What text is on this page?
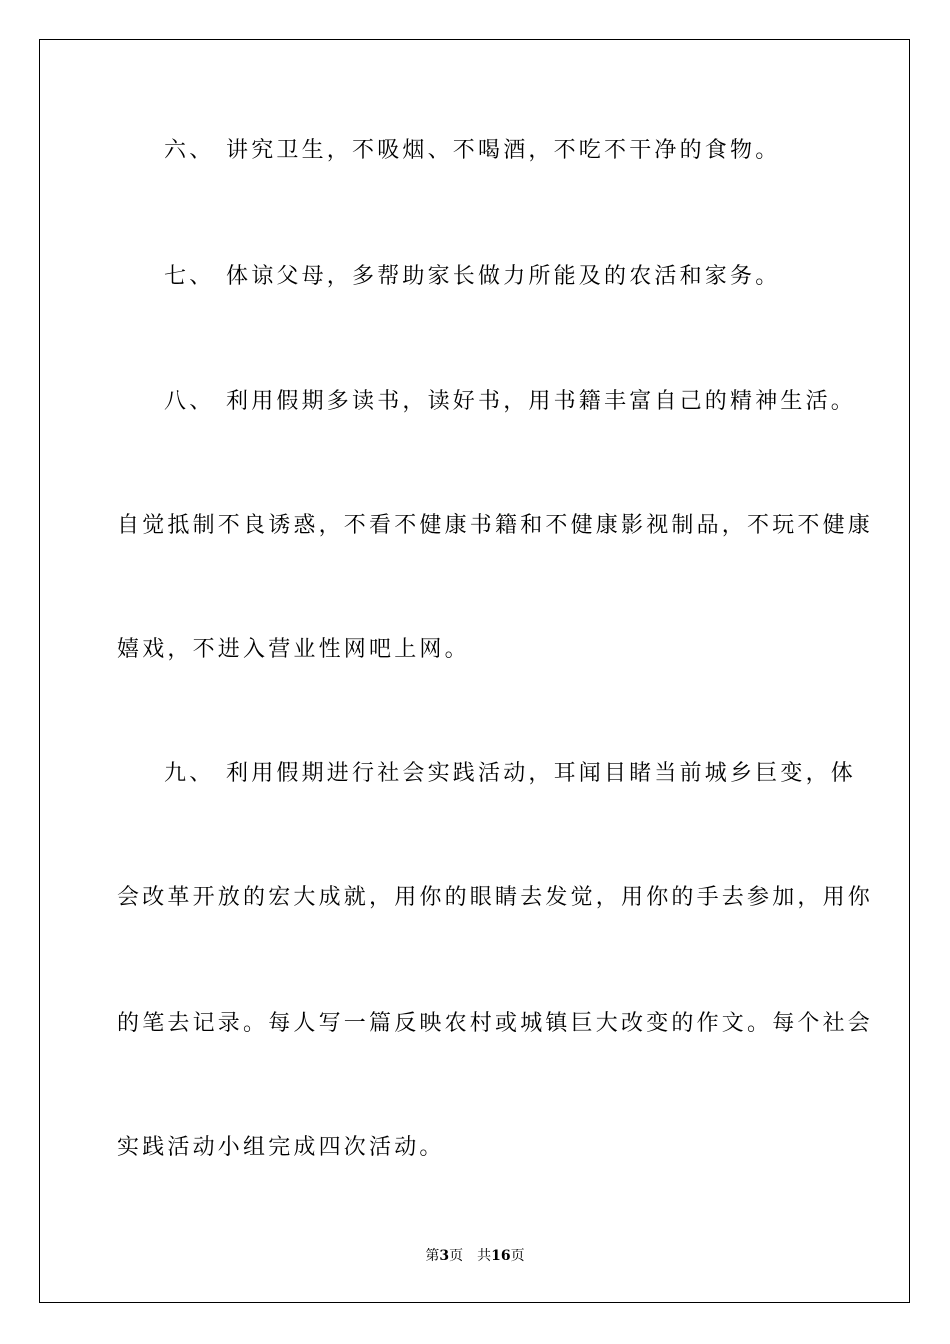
六、 讲究卫生，不吸烟、不喝酒，不吃不干净的食物。
七、 体谅父母，多帮助家长做力所能及的农活和家务。
八、 利用假期多读书，读好书，用书籍丰富自己的精神生活。
自觉抵制不良诱惑，不看不健康书籍和不健康影视制品，不玩不健康
嬉戏，不进入营业性网吧上网。
九、 利用假期进行社会实践活动，耳闻目睹当前城乡巨变，体
会改革开放的宏大成就，用你的眼睛去发觉，用你的手去参加，用你
的笔去记录。每人写一篇反映农村或城镇巨大改变的作文。每个社会
实践活动小组完成四次活动。
第3页 共16页
